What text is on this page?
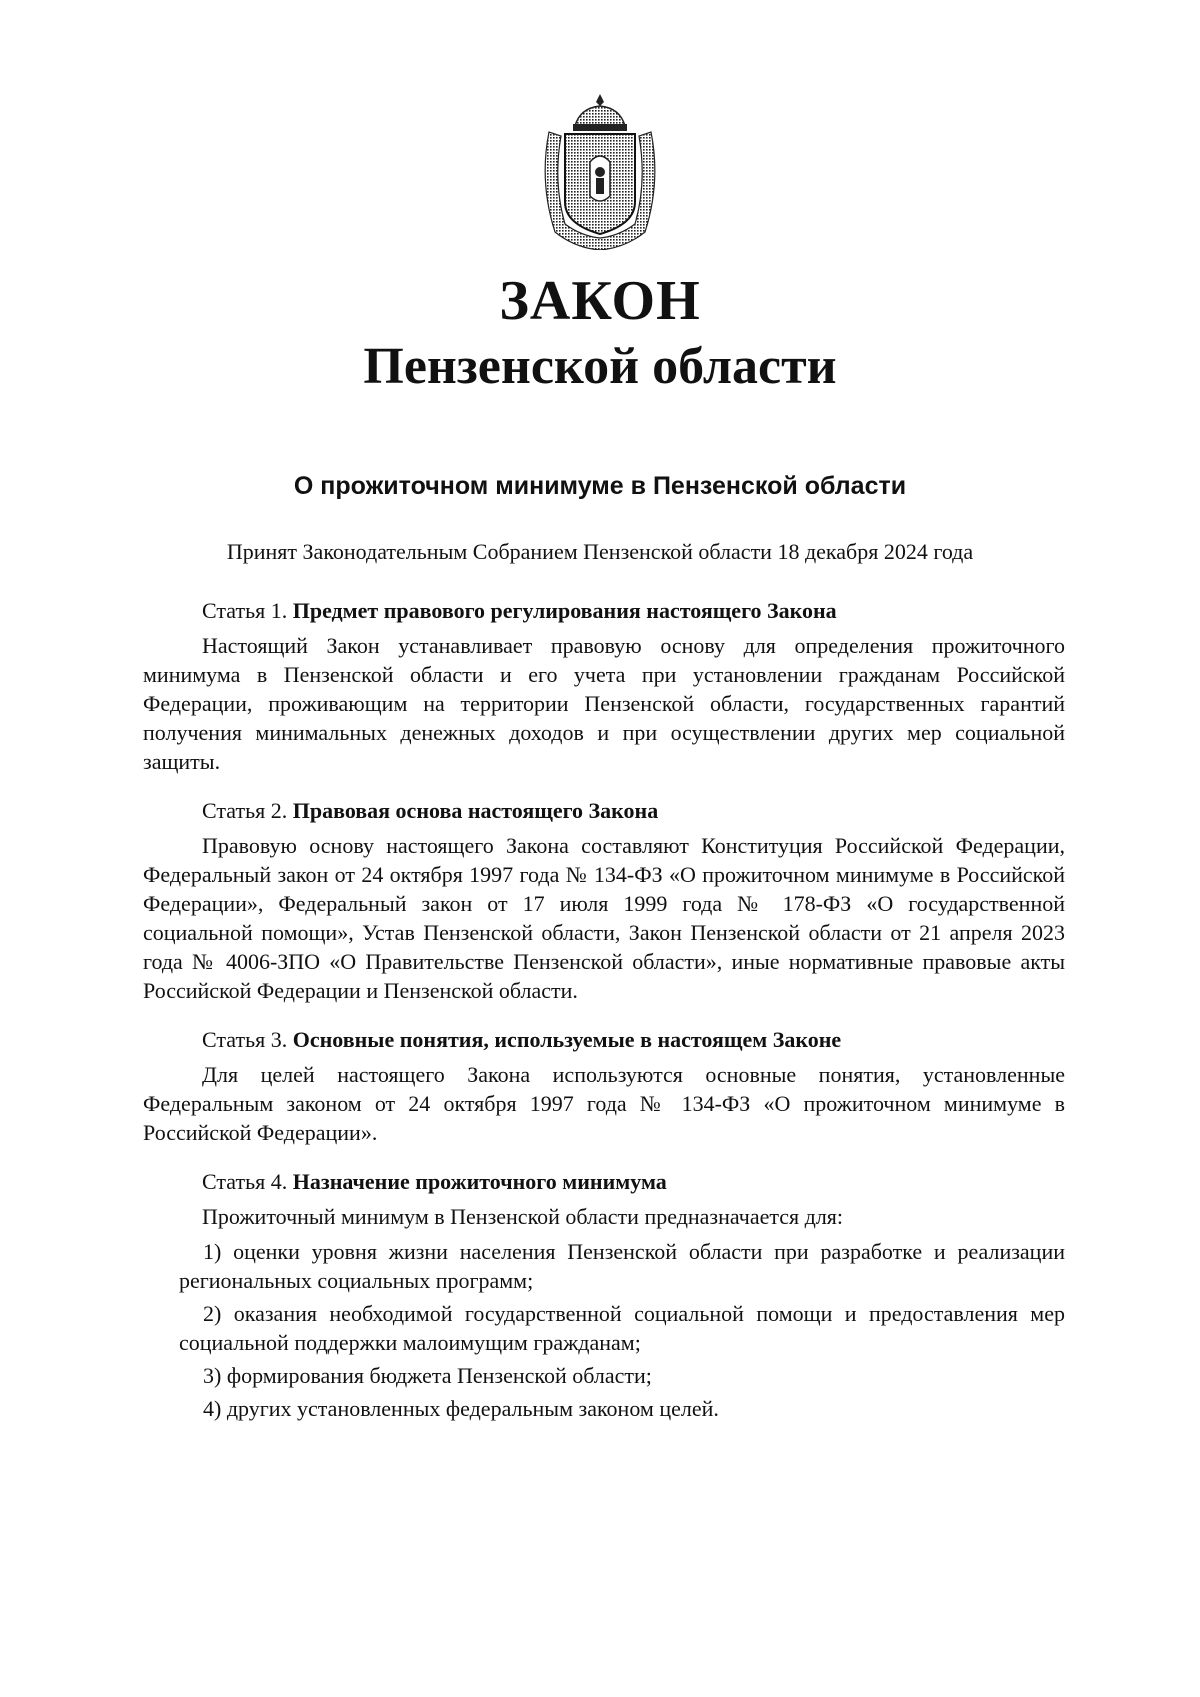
ЗАКОН
Пензенской области
О прожиточном минимуме в Пензенской области
Принят Законодательным Собранием Пензенской области 18 декабря 2024 года

Статья 1. Предмет правового регулирования настоящего Закона

Настоящий Закон устанавливает правовую основу для определения прожиточного минимума в Пензенской области и его учета при установлении гражданам Российской Федерации, проживающим на территории Пензенской области, государственных гарантий получения минимальных денежных доходов и при осуществлении других мер социальной защиты.

Статья 2. Правовая основа настоящего Закона

Правовую основу настоящего Закона составляют Конституция Российской Федерации, Федеральный закон от 24 октября 1997 года № 134-ФЗ «О прожиточном минимуме в Российской Федерации», Федеральный закон от 17 июля 1999 года № 178-ФЗ «О государственной социальной помощи», Устав Пензенской области, Закон Пензенской области от 21 апреля 2023 года № 4006-ЗПО «О Правительстве Пензенской области», иные нормативные правовые акты Российской Федерации и Пензенской области.

Статья 3. Основные понятия, используемые в настоящем Законе

Для целей настоящего Закона используются основные понятия, установленные Федеральным законом от 24 октября 1997 года № 134-ФЗ «О прожиточном минимуме в Российской Федерации».

Статья 4. Назначение прожиточного минимума

Прожиточный минимум в Пензенской области предназначается для:

1) оценки уровня жизни населения Пензенской области при разработке и реализации региональных социальных программ;

2) оказания необходимой государственной социальной помощи и предоставления мер социальной поддержки малоимущим гражданам;

3) формирования бюджета Пензенской области;

4) других установленных федеральным законом целей.
